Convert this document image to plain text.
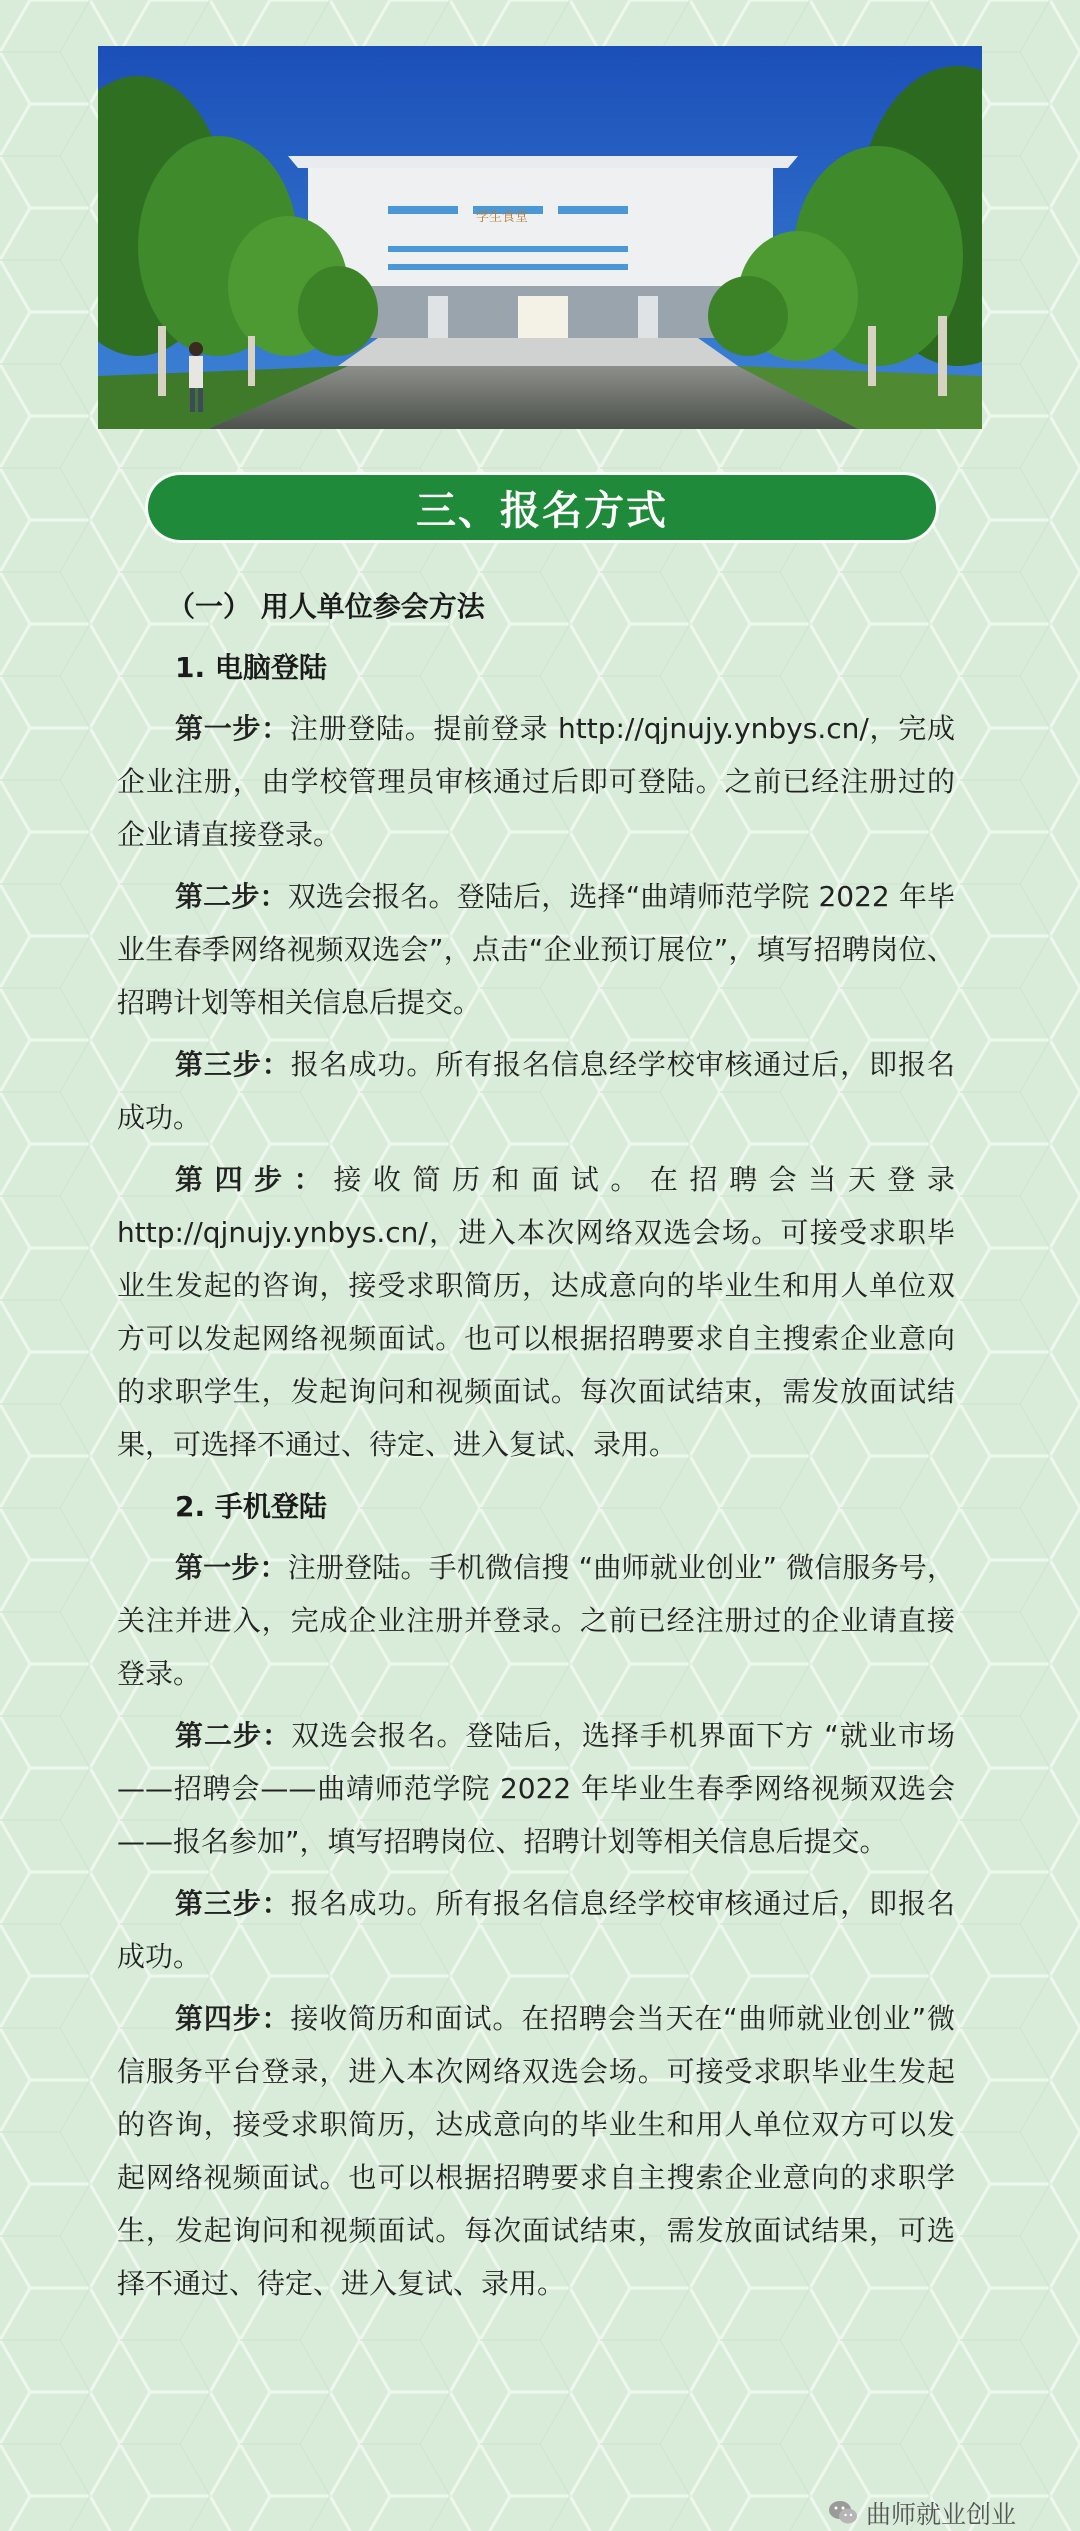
学生食堂
三、报名方式
（一） 用人单位参会方法
1. 电脑登陆

第一步：注册登陆。提前登录 http://qjnujy.ynbys.cn/，完成企业注册，由学校管理员审核通过后即可登陆。之前已经注册过的企业请直接登录。

第二步：双选会报名。登陆后，选择“曲靖师范学院 2022 年毕业生春季网络视频双选会”，点击“企业预订展位”，填写招聘岗位、招聘计划等相关信息后提交。

第三步：报名成功。所有报名信息经学校审核通过后，即报名成功。

第四步：接收简历和面试。在招聘会当天登录 http://qjnujy.ynbys.cn/，进入本次网络双选会场。可接受求职毕业生发起的咨询，接受求职简历，达成意向的毕业生和用人单位双方可以发起网络视频面试。也可以根据招聘要求自主搜索企业意向的求职学生，发起询问和视频面试。每次面试结束，需发放面试结果，可选择不通过、待定、进入复试、录用。

2. 手机登陆

第一步：注册登陆。手机微信搜 “曲师就业创业” 微信服务号，关注并进入，完成企业注册并登录。之前已经注册过的企业请直接登录。

第二步：双选会报名。登陆后，选择手机界面下方 “就业市场——招聘会——曲靖师范学院 2022 年毕业生春季网络视频双选会——报名参加”，填写招聘岗位、招聘计划等相关信息后提交。

第三步：报名成功。所有报名信息经学校审核通过后，即报名成功。

第四步：接收简历和面试。在招聘会当天在“曲师就业创业”微信服务平台登录，进入本次网络双选会场。可接受求职毕业生发起的咨询，接受求职简历，达成意向的毕业生和用人单位双方可以发起网络视频面试。也可以根据招聘要求自主搜索企业意向的求职学生，发起询问和视频面试。每次面试结束，需发放面试结果，可选择不通过、待定、进入复试、录用。

曲师就业创业
